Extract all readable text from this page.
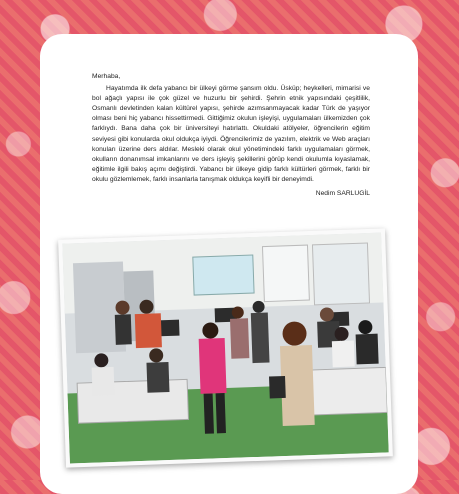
Merhaba,
Hayatımda ilk defa yabancı bir ülkeyi görme şansım oldu. Üsküp; heykelleri, mimarisi ve bol ağaçlı yapısı ile çok güzel ve huzurlu bir şehirdi. Şehrin etnik yapısındaki çeşitlilik, Osmanlı devletinden kalan kültürel yapısı, şehirde azımsanmayacak kadar Türk de yaşıyor olması beni hiç yabancı hissettirmedi. Gittiğimiz okulun işleyişi, uygulamaları ülkemizden çok farklıydı. Bana daha çok bir üniversiteyi hatırlattı. Okuldaki atölyeler, öğrencilerin eğitim seviyesi gibi konularda okul oldukça iyiydi. Öğrencilerimiz de yazılım, elektrik ve Web araçları konuları üzerine ders aldılar. Mesleki olarak okul yönetimindeki farklı uygulamaları görmek, okulların donanımsal imkanlarını ve ders işleyiş şekillerini görüp kendi okulumla kıyaslamak, eğitimle ilgili bakış açımı değiştirdi. Yabancı bir ülkeye gidip farklı kültürleri görmek, farklı bir okulu gözlemlemek, farklı insanlarla tanışmak oldukça keyifli bir deneyimdi.
Nedim SARLUGİL
